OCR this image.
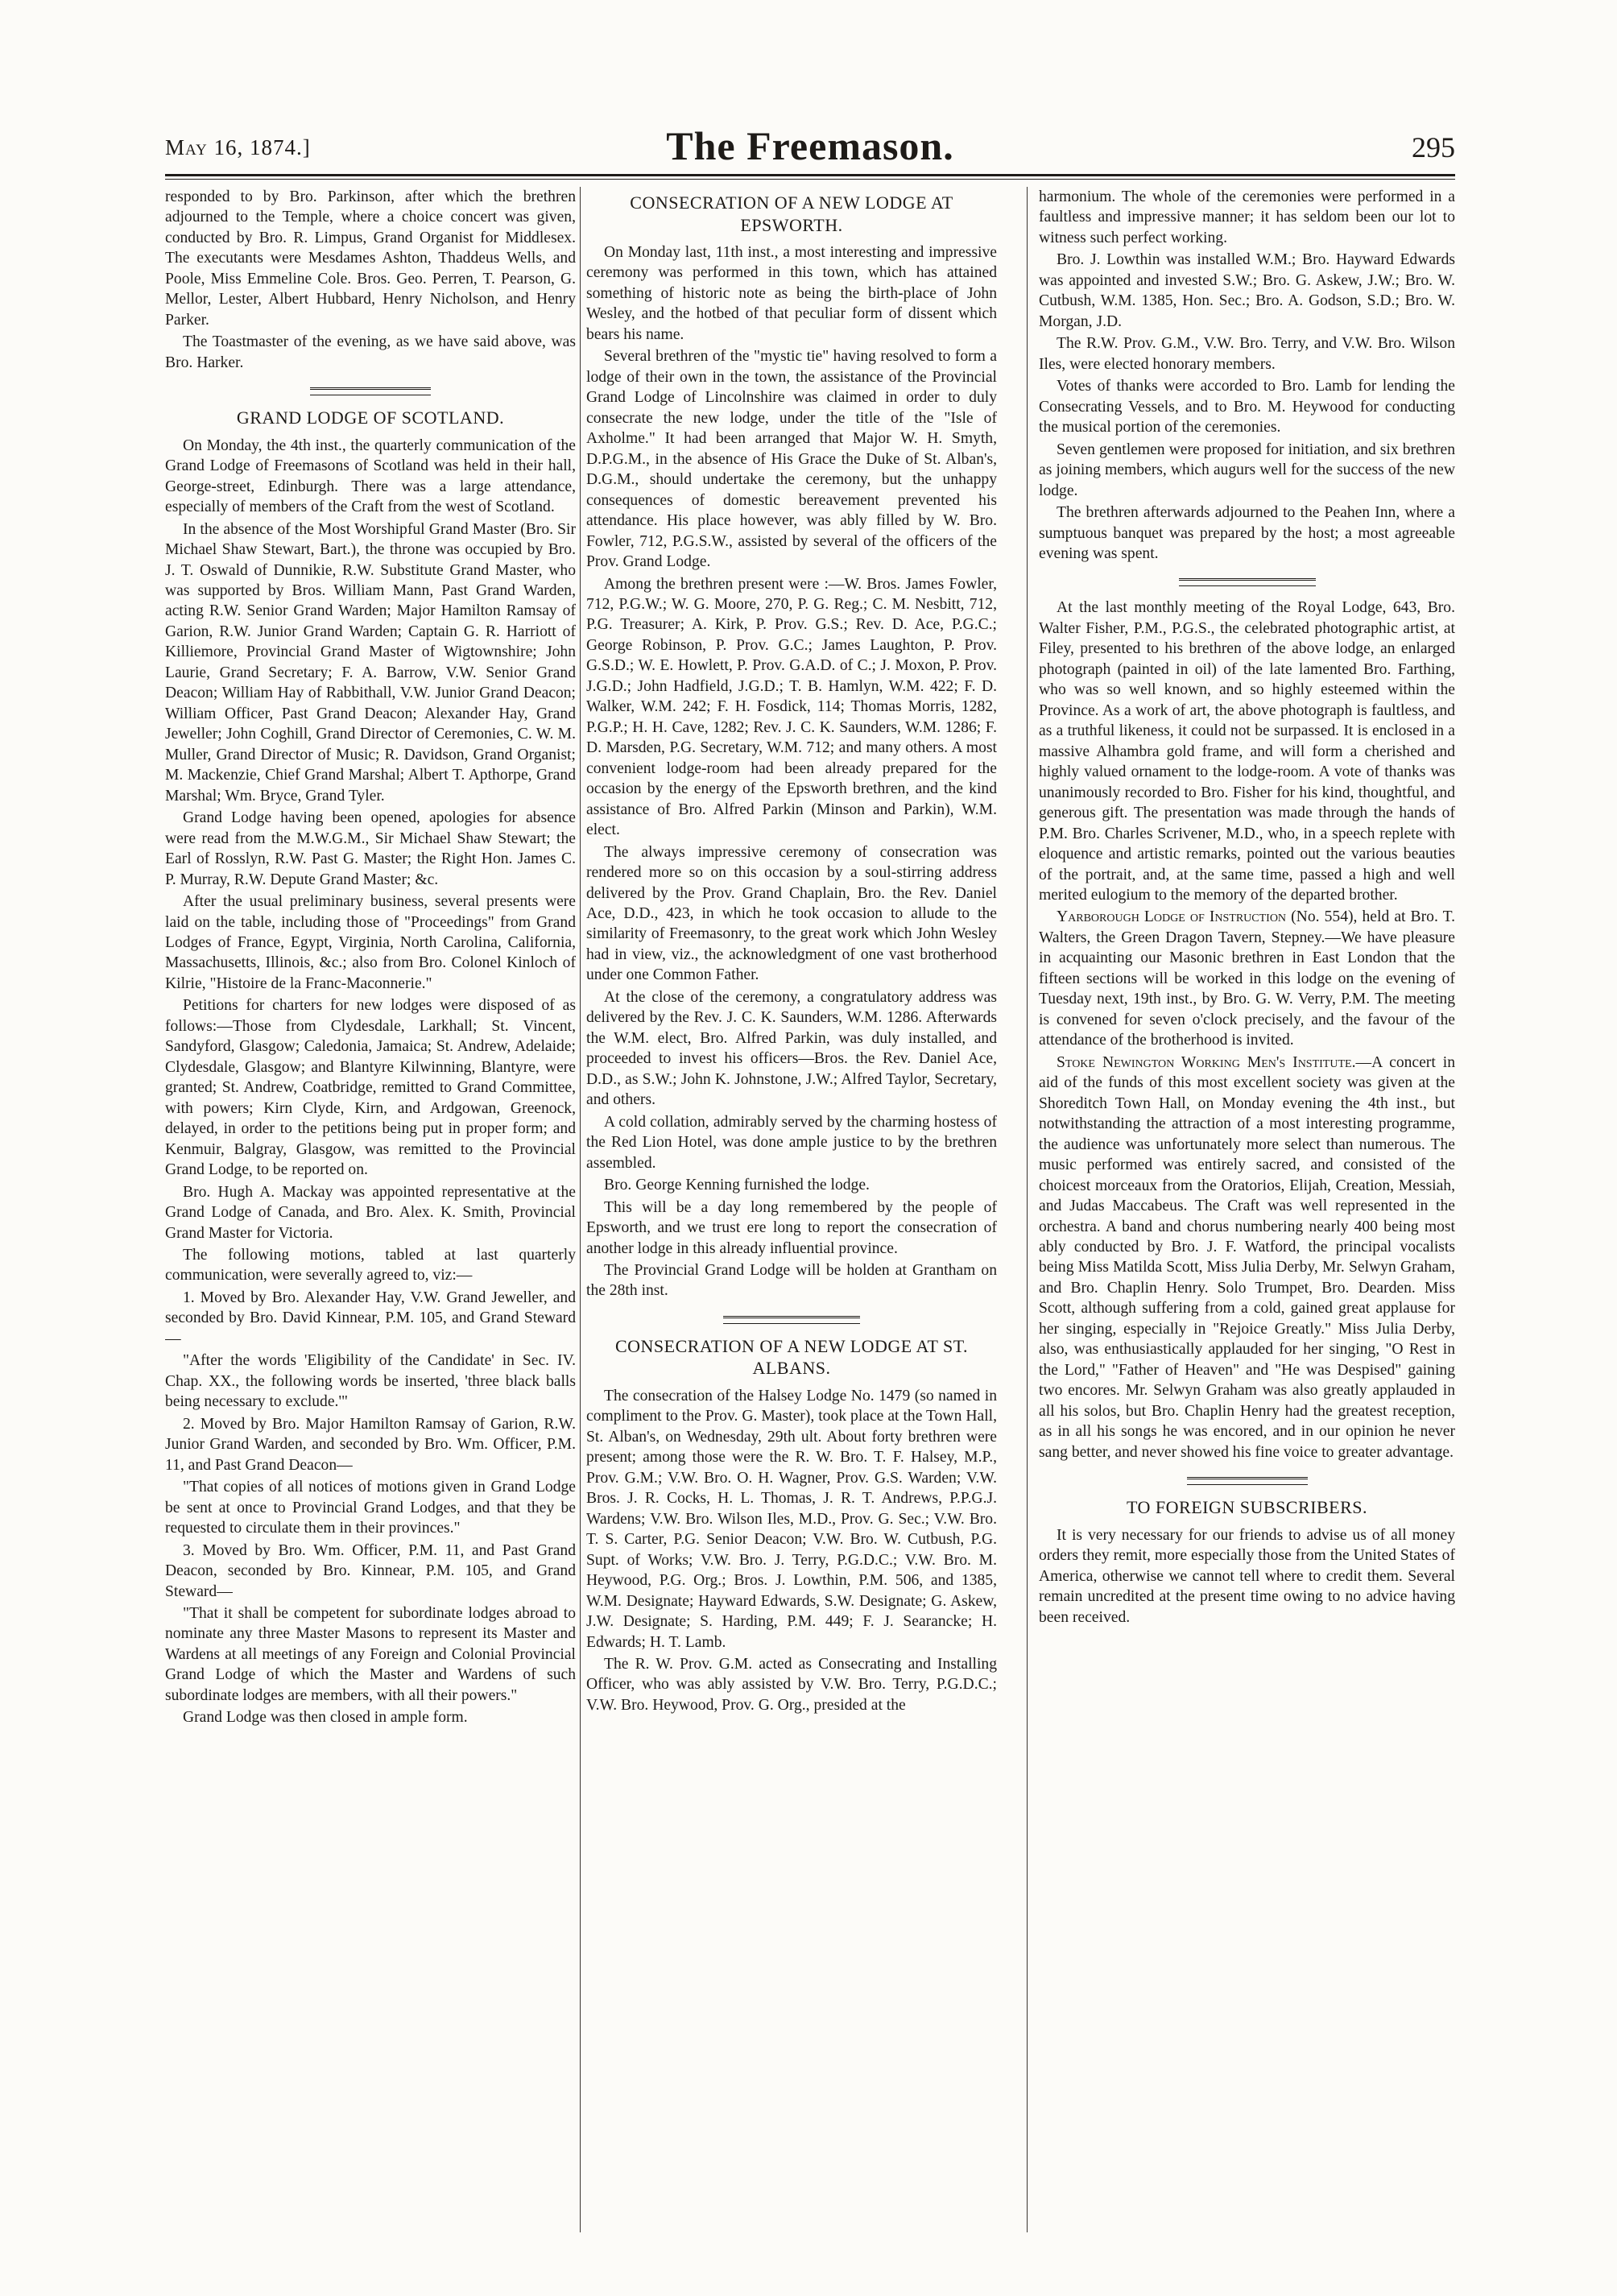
May 16, 1874.]	The Freemason.	295

responded to by Bro. Parkinson, after which the brethren adjourned to the Temple, where a choice concert was given, conducted by Bro. R. Limpus, Grand Organist for Middlesex. The executants were Mesdames Ashton, Thaddeus Wells, and Poole, Miss Emmeline Cole. Bros. Geo. Perren, T. Pearson, G. Mellor, Lester, Albert Hubbard, Henry Nicholson, and Henry Parker.

The Toastmaster of the evening, as we have said above, was Bro. Harker.

GRAND LODGE OF SCOTLAND.

On Monday, the 4th inst., the quarterly communication of the Grand Lodge of Freemasons of Scotland was held in their hall, George-street, Edinburgh. There was a large attendance, especially of members of the Craft from the west of Scotland.

In the absence of the Most Worshipful Grand Master (Bro. Sir Michael Shaw Stewart, Bart.), the throne was occupied by Bro. J. T. Oswald of Dunnikie, R.W. Substitute Grand Master, who was supported by Bros. William Mann, Past Grand Warden, acting R.W. Senior Grand Warden; Major Hamilton Ramsay of Garion, R.W. Junior Grand Warden; Captain G. R. Harriott of Killiemore, Provincial Grand Master of Wigtownshire; John Laurie, Grand Secretary; F. A. Barrow, V.W. Senior Grand Deacon; William Hay of Rabbithall, V.W. Junior Grand Deacon; William Officer, Past Grand Deacon; Alexander Hay, Grand Jeweller; John Coghill, Grand Director of Ceremonies, C. W. M. Muller, Grand Director of Music; R. Davidson, Grand Organist; M. Mackenzie, Chief Grand Marshal; Albert T. Apthorpe, Grand Marshal; Wm. Bryce, Grand Tyler.

Grand Lodge having been opened, apologies for absence were read from the M.W.G.M., Sir Michael Shaw Stewart; the Earl of Rosslyn, R.W. Past G. Master; the Right Hon. James C. P. Murray, R.W. Depute Grand Master; &c.

After the usual preliminary business, several presents were laid on the table, including those of "Proceedings" from Grand Lodges of France, Egypt, Virginia, North Carolina, California, Massachusetts, Illinois, &c.; also from Bro. Colonel Kinloch of Kilrie, "Histoire de la Franc-Maconnerie."

Petitions for charters for new lodges were disposed of as follows:—Those from Clydesdale, Larkhall; St. Vincent, Sandyford, Glasgow; Caledonia, Jamaica; St. Andrew, Adelaide; Clydesdale, Glasgow; and Blantyre Kilwinning, Blantyre, were granted; St. Andrew, Coatbridge, remitted to Grand Committee, with powers; Kirn Clyde, Kirn, and Ardgowan, Greenock, delayed, in order to the petitions being put in proper form; and Kenmuir, Balgray, Glasgow, was remitted to the Provincial Grand Lodge, to be reported on.

Bro. Hugh A. Mackay was appointed representative at the Grand Lodge of Canada, and Bro. Alex. K. Smith, Provincial Grand Master for Victoria.

The following motions, tabled at last quarterly communication, were severally agreed to, viz:—

1. Moved by Bro. Alexander Hay, V.W. Grand Jeweller, and seconded by Bro. David Kinnear, P.M. 105, and Grand Steward—

"After the words 'Eligibility of the Candidate' in Sec. IV. Chap. XX., the following words be inserted, 'three black balls being necessary to exclude.'"

2. Moved by Bro. Major Hamilton Ramsay of Garion, R.W. Junior Grand Warden, and seconded by Bro. Wm. Officer, P.M. 11, and Past Grand Deacon—

"That copies of all notices of motions given in Grand Lodge be sent at once to Provincial Grand Lodges, and that they be requested to circulate them in their provinces."

3. Moved by Bro. Wm. Officer, P.M. 11, and Past Grand Deacon, seconded by Bro. Kinnear, P.M. 105, and Grand Steward—

"That it shall be competent for subordinate lodges abroad to nominate any three Master Masons to represent its Master and Wardens at all meetings of any Foreign and Colonial Provincial Grand Lodge of which the Master and Wardens of such subordinate lodges are members, with all their powers."

Grand Lodge was then closed in ample form.

CONSECRATION OF A NEW LODGE AT EPSWORTH.

On Monday last, 11th inst., a most interesting and impressive ceremony was performed in this town, which has attained something of historic note as being the birth-place of John Wesley, and the hotbed of that peculiar form of dissent which bears his name.

Several brethren of the "mystic tie" having resolved to form a lodge of their own in the town, the assistance of the Provincial Grand Lodge of Lincolnshire was claimed in order to duly consecrate the new lodge, under the title of the "Isle of Axholme." It had been arranged that Major W. H. Smyth, D.P.G.M., in the absence of His Grace the Duke of St. Alban's, D.G.M., should undertake the ceremony, but the unhappy consequences of domestic bereavement prevented his attendance. His place however, was ably filled by W. Bro. Fowler, 712, P.G.S.W., assisted by several of the officers of the Prov. Grand Lodge.

Among the brethren present were :—W. Bros. James Fowler, 712, P.G.W.; W. G. Moore, 270, P. G. Reg.; C. M. Nesbitt, 712, P.G. Treasurer; A. Kirk, P. Prov. G.S.; Rev. D. Ace, P.G.C.; George Robinson, P. Prov. G.C.; James Laughton, P. Prov. G.S.D.; W. E. Howlett, P. Prov. G.A.D. of C.; J. Moxon, P. Prov. J.G.D.; John Hadfield, J.G.D.; T. B. Hamlyn, W.M. 422; F. D. Walker, W.M. 242; F. H. Fosdick, 114; Thomas Morris, 1282, P.G.P.; H. H. Cave, 1282; Rev. J. C. K. Saunders, W.M. 1286; F. D. Marsden, P.G. Secretary, W.M. 712; and many others. A most convenient lodge-room had been already prepared for the occasion by the energy of the Epsworth brethren, and the kind assistance of Bro. Alfred Parkin (Minson and Parkin), W.M. elect.

The always impressive ceremony of consecration was rendered more so on this occasion by a soul-stirring address delivered by the Prov. Grand Chaplain, Bro. the Rev. Daniel Ace, D.D., 423, in which he took occasion to allude to the similarity of Freemasonry, to the great work which John Wesley had in view, viz., the acknowledgment of one vast brotherhood under one Common Father.

At the close of the ceremony, a congratulatory address was delivered by the Rev. J. C. K. Saunders, W.M. 1286. Afterwards the W.M. elect, Bro. Alfred Parkin, was duly installed, and proceeded to invest his officers—Bros. the Rev. Daniel Ace, D.D., as S.W.; John K. Johnstone, J.W.; Alfred Taylor, Secretary, and others.

A cold collation, admirably served by the charming hostess of the Red Lion Hotel, was done ample justice to by the brethren assembled.

Bro. George Kenning furnished the lodge.

This will be a day long remembered by the people of Epsworth, and we trust ere long to report the consecration of another lodge in this already influential province.

The Provincial Grand Lodge will be holden at Grantham on the 28th inst.

CONSECRATION OF A NEW LODGE AT ST. ALBANS.

The consecration of the Halsey Lodge No. 1479 (so named in compliment to the Prov. G. Master), took place at the Town Hall, St. Alban's, on Wednesday, 29th ult. About forty brethren were present; among those were the R. W. Bro. T. F. Halsey, M.P., Prov. G.M.; V.W. Bro. O. H. Wagner, Prov. G.S. Warden; V.W. Bros. J. R. Cocks, H. L. Thomas, J. R. T. Andrews, P.P.G.J. Wardens; V.W. Bro. Wilson Iles, M.D., Prov. G. Sec.; V.W. Bro. T. S. Carter, P.G. Senior Deacon; V.W. Bro. W. Cutbush, P.G. Supt. of Works; V.W. Bro. J. Terry, P.G.D.C.; V.W. Bro. M. Heywood, P.G. Org.; Bros. J. Lowthin, P.M. 506, and 1385, W.M. Designate; Hayward Edwards, S.W. Designate; G. Askew, J.W. Designate; S. Harding, P.M. 449; F. J. Searancke; H. Edwards; H. T. Lamb.

The R. W. Prov. G.M. acted as Consecrating and Installing Officer, who was ably assisted by V.W. Bro. Terry, P.G.D.C.; V.W. Bro. Heywood, Prov. G. Org., presided at the

harmonium. The whole of the ceremonies were performed in a faultless and impressive manner; it has seldom been our lot to witness such perfect working.

Bro. J. Lowthin was installed W.M.; Bro. Hayward Edwards was appointed and invested S.W.; Bro. G. Askew, J.W.; Bro. W. Cutbush, W.M. 1385, Hon. Sec.; Bro. A. Godson, S.D.; Bro. W. Morgan, J.D.

The R.W. Prov. G.M., V.W. Bro. Terry, and V.W. Bro. Wilson Iles, were elected honorary members.

Votes of thanks were accorded to Bro. Lamb for lending the Consecrating Vessels, and to Bro. M. Heywood for conducting the musical portion of the ceremonies.

Seven gentlemen were proposed for initiation, and six brethren as joining members, which augurs well for the success of the new lodge.

The brethren afterwards adjourned to the Peahen Inn, where a sumptuous banquet was prepared by the host; a most agreeable evening was spent.

At the last monthly meeting of the Royal Lodge, 643, Bro. Walter Fisher, P.M., P.G.S., the celebrated photographic artist, at Filey, presented to his brethren of the above lodge, an enlarged photograph (painted in oil) of the late lamented Bro. Farthing, who was so well known, and so highly esteemed within the Province. As a work of art, the above photograph is faultless, and as a truthful likeness, it could not be surpassed. It is enclosed in a massive Alhambra gold frame, and will form a cherished and highly valued ornament to the lodge-room. A vote of thanks was unanimously recorded to Bro. Fisher for his kind, thoughtful, and generous gift. The presentation was made through the hands of P.M. Bro. Charles Scrivener, M.D., who, in a speech replete with eloquence and artistic remarks, pointed out the various beauties of the portrait, and, at the same time, passed a high and well merited eulogium to the memory of the departed brother.

Yarborough Lodge of Instruction (No. 554), held at Bro. T. Walters, the Green Dragon Tavern, Stepney.—We have pleasure in acquainting our Masonic brethren in East London that the fifteen sections will be worked in this lodge on the evening of Tuesday next, 19th inst., by Bro. G. W. Verry, P.M. The meeting is convened for seven o'clock precisely, and the favour of the attendance of the brotherhood is invited.

Stoke Newington Working Men's Institute.—A concert in aid of the funds of this most excellent society was given at the Shoreditch Town Hall, on Monday evening the 4th inst., but notwithstanding the attraction of a most interesting programme, the audience was unfortunately more select than numerous. The music performed was entirely sacred, and consisted of the choicest morceaux from the Oratorios, Elijah, Creation, Messiah, and Judas Maccabeus. The Craft was well represented in the orchestra. A band and chorus numbering nearly 400 being most ably conducted by Bro. J. F. Watford, the principal vocalists being Miss Matilda Scott, Miss Julia Derby, Mr. Selwyn Graham, and Bro. Chaplin Henry. Solo Trumpet, Bro. Dearden. Miss Scott, although suffering from a cold, gained great applause for her singing, especially in "Rejoice Greatly." Miss Julia Derby, also, was enthusiastically applauded for her singing, "O Rest in the Lord," "Father of Heaven" and "He was Despised" gaining two encores. Mr. Selwyn Graham was also greatly applauded in all his solos, but Bro. Chaplin Henry had the greatest reception, as in all his songs he was encored, and in our opinion he never sang better, and never showed his fine voice to greater advantage.

TO FOREIGN SUBSCRIBERS.

It is very necessary for our friends to advise us of all money orders they remit, more especially those from the United States of America, otherwise we cannot tell where to credit them. Several remain uncredited at the present time owing to no advice having been received.
